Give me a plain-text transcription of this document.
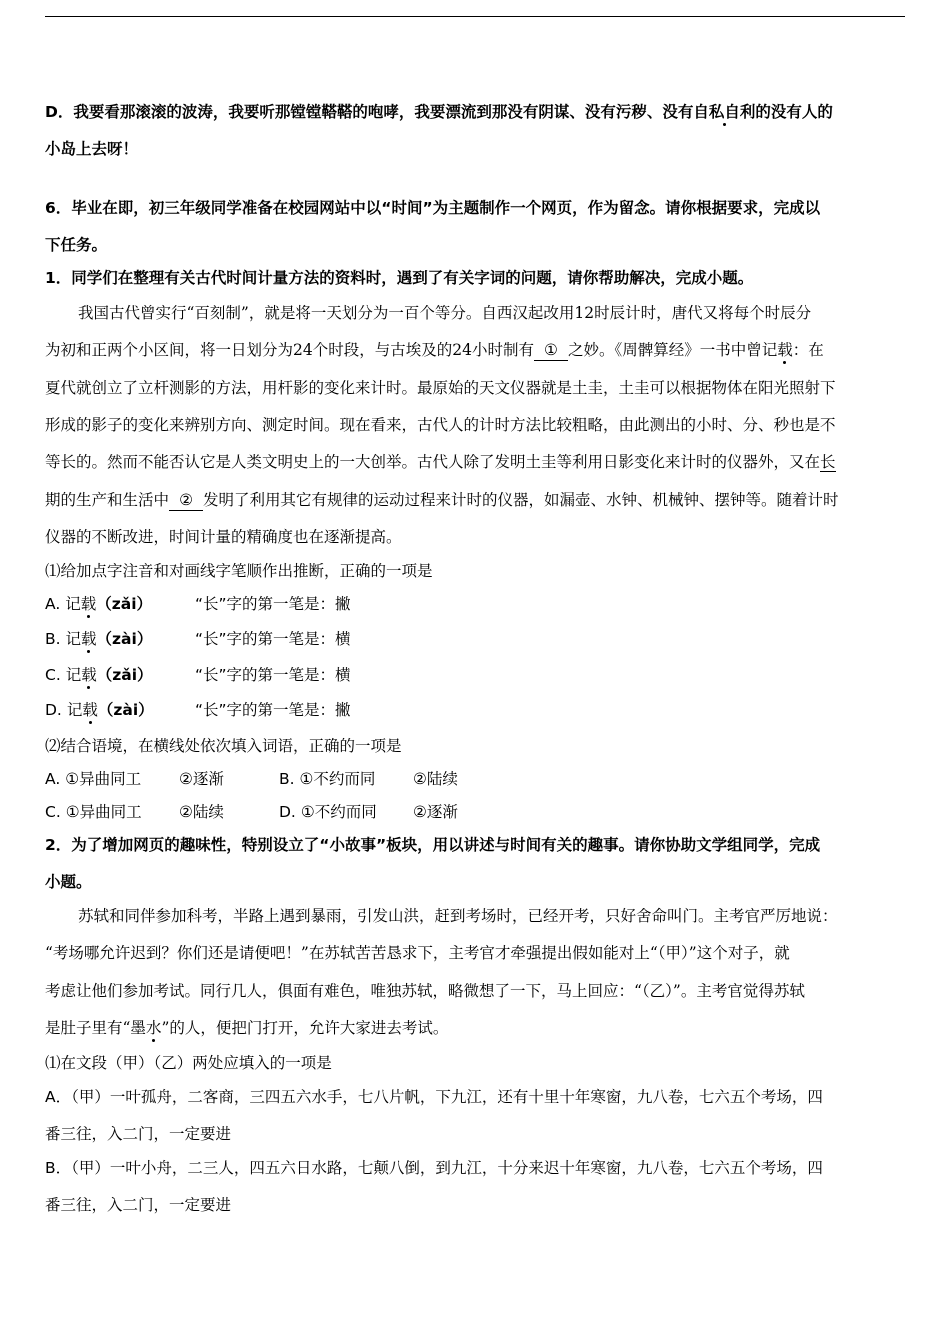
D．我要看那滚滚的波涛，我要听那镗镗鞳鞳的咆哮，我要漂流到那没有阴谋、没有污秽、没有自私自利的没有人的
小岛上去呀！
6．毕业在即，初三年级同学准备在校园网站中以“时间”为主题制作一个网页，作为留念。请你根据要求，完成以
下任务。
1．同学们在整理有关古代时间计量方法的资料时，遇到了有关字词的问题，请你帮助解决，完成小题。
我国古代曾实行“百刻制”，就是将一天划分为一百个等分。自西汉起改用12时辰计时，唐代又将每个时辰分
为初和正两个小区间，将一日划分为24个时段，与古埃及的24小时制有 ① 之妙。《周髀算经》一书中曾记载：在
夏代就创立了立杆测影的方法，用杆影的变化来计时。最原始的天文仪器就是土圭，土圭可以根据物体在阳光照射下
形成的影子的变化来辨别方向、测定时间。现在看来，古代人的计时方法比较粗略，由此测出的小时、分、秒也是不
等长的。然而不能否认它是人类文明史上的一大创举。古代人除了发明土圭等利用日影变化来计时的仪器外，又在长
期的生产和生活中 ② 发明了利用其它有规律的运动过程来计时的仪器，如漏壶、水钟、机械钟、摆钟等。随着计时
仪器的不断改进，时间计量的精确度也在逐渐提高。
⑴给加点字注音和对画线字笔顺作出推断，正确的一项是
A. 记载（zǎi）	“长”字的第一笔是：撇
B. 记载（zài）	“长”字的第一笔是：横
C. 记载（zǎi）	“长”字的第一笔是：横
D. 记载（zài）	“长”字的第一笔是：撇
⑵结合语境，在横线处依次填入词语，正确的一项是
A. ①异曲同工 ②逐渐	B. ①不约而同 ②陆续
C. ①异曲同工 ②陆续	D. ①不约而同 ②逐渐
2．为了增加网页的趣味性，特别设立了“小故事”板块，用以讲述与时间有关的趣事。请你协助文学组同学，完成
小题。
苏轼和同伴参加科考，半路上遇到暴雨，引发山洪，赶到考场时，已经开考，只好舍命叫门。主考官严厉地说：
“考场哪允许迟到？你们还是请便吧！”在苏轼苦苦恳求下，主考官才牵强提出假如能对上“（甲）”这个对子，就
考虑让他们参加考试。同行几人，俱面有难色，唯独苏轼，略微想了一下，马上回应：“（乙）”。主考官觉得苏轼
是肚子里有“墨水”的人，便把门打开，允许大家进去考试。
⑴在文段（甲）（乙）两处应填入的一项是
A．（甲）一叶孤舟，二客商，三四五六水手，七八片帆，下九江，还有十里十年寒窗，九八卷，七六五个考场，四
番三往，入二门，一定要进
B．（甲）一叶小舟，二三人，四五六日水路，七颠八倒，到九江，十分来迟十年寒窗，九八卷，七六五个考场，四
番三往，入二门，一定要进
